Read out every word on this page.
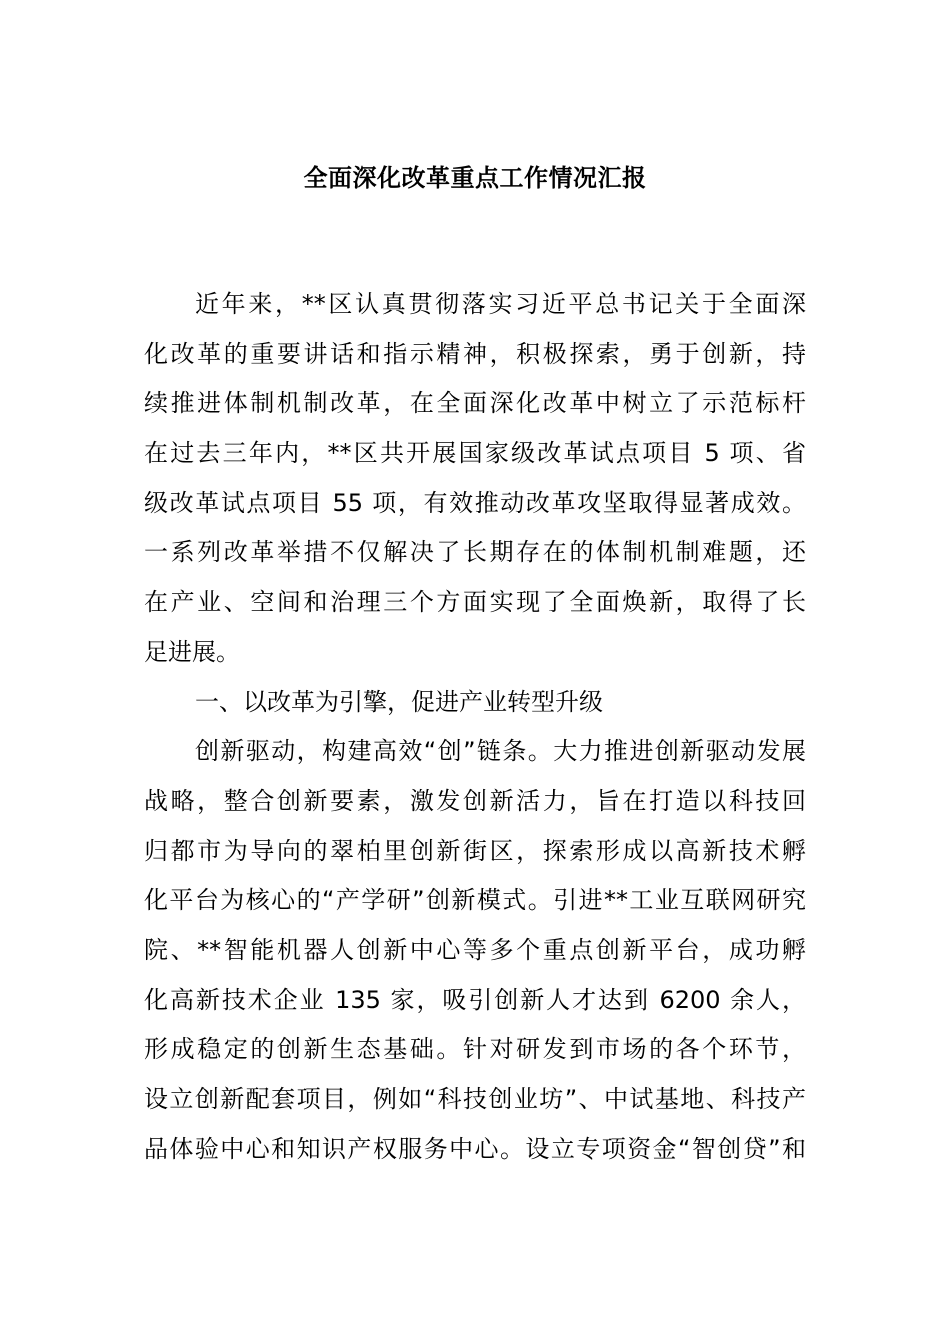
全面深化改革重点工作情况汇报
近年来，**区认真贯彻落实习近平总书记关于全面深
化改革的重要讲话和指示精神，积极探索，勇于创新，持
续推进体制机制改革，在全面深化改革中树立了示范标杆
在过去三年内，**区共开展国家级改革试点项目 5 项、省
级改革试点项目 55 项，有效推动改革攻坚取得显著成效。
一系列改革举措不仅解决了长期存在的体制机制难题，还
在产业、空间和治理三个方面实现了全面焕新，取得了长
足进展。
一、以改革为引擎，促进产业转型升级
创新驱动，构建高效“创”链条。大力推进创新驱动发展
战略，整合创新要素，激发创新活力，旨在打造以科技回
归都市为导向的翠柏里创新街区，探索形成以高新技术孵
化平台为核心的“产学研”创新模式。引进**工业互联网研究
院、**智能机器人创新中心等多个重点创新平台，成功孵
化高新技术企业 135 家，吸引创新人才达到 6200 余人，
形成稳定的创新生态基础。针对研发到市场的各个环节，
设立创新配套项目，例如“科技创业坊”、中试基地、科技产
品体验中心和知识产权服务中心。设立专项资金“智创贷”和
